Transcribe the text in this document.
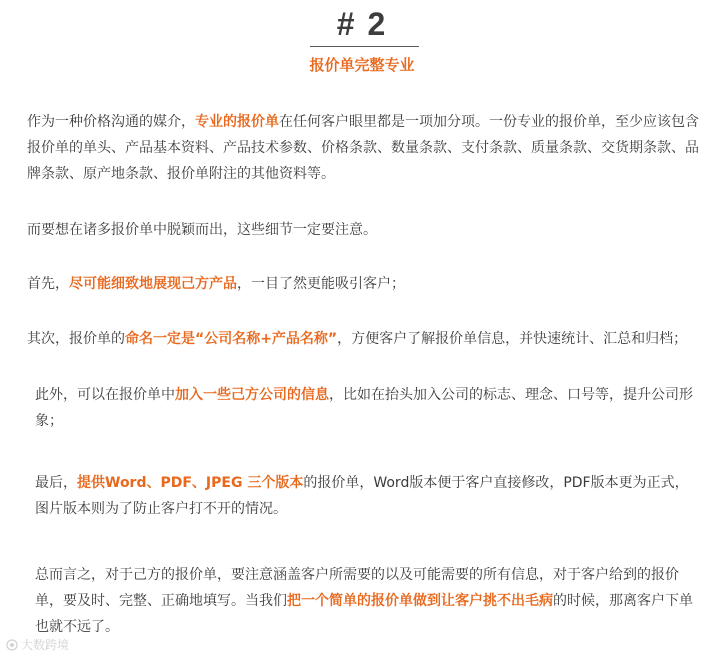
# 2
报价单完整专业

作为一种价格沟通的媒介，专业的报价单在任何客户眼里都是一项加分项。一份专业的报价单，至少应该包含报价单的单头、产品基本资料、产品技术参数、价格条款、数量条款、支付条款、质量条款、交货期条款、品牌条款、原产地条款、报价单附注的其他资料等。

而要想在诸多报价单中脱颖而出，这些细节一定要注意。

首先，尽可能细致地展现己方产品，一目了然更能吸引客户；

其次，报价单的命名一定是“公司名称+产品名称”，方便客户了解报价单信息，并快速统计、汇总和归档；

此外，可以在报价单中加入一些己方公司的信息，比如在抬头加入公司的标志、理念、口号等，提升公司形象；

最后，提供Word、PDF、JPEG 三个版本的报价单，Word版本便于客户直接修改，PDF版本更为正式，图片版本则为了防止客户打不开的情况。

总而言之，对于己方的报价单，要注意涵盖客户所需要的以及可能需要的所有信息，对于客户给到的报价单，要及时、完整、正确地填写。当我们把一个简单的报价单做到让客户挑不出毛病的时候，那离客户下单也就不远了。

大数跨境
